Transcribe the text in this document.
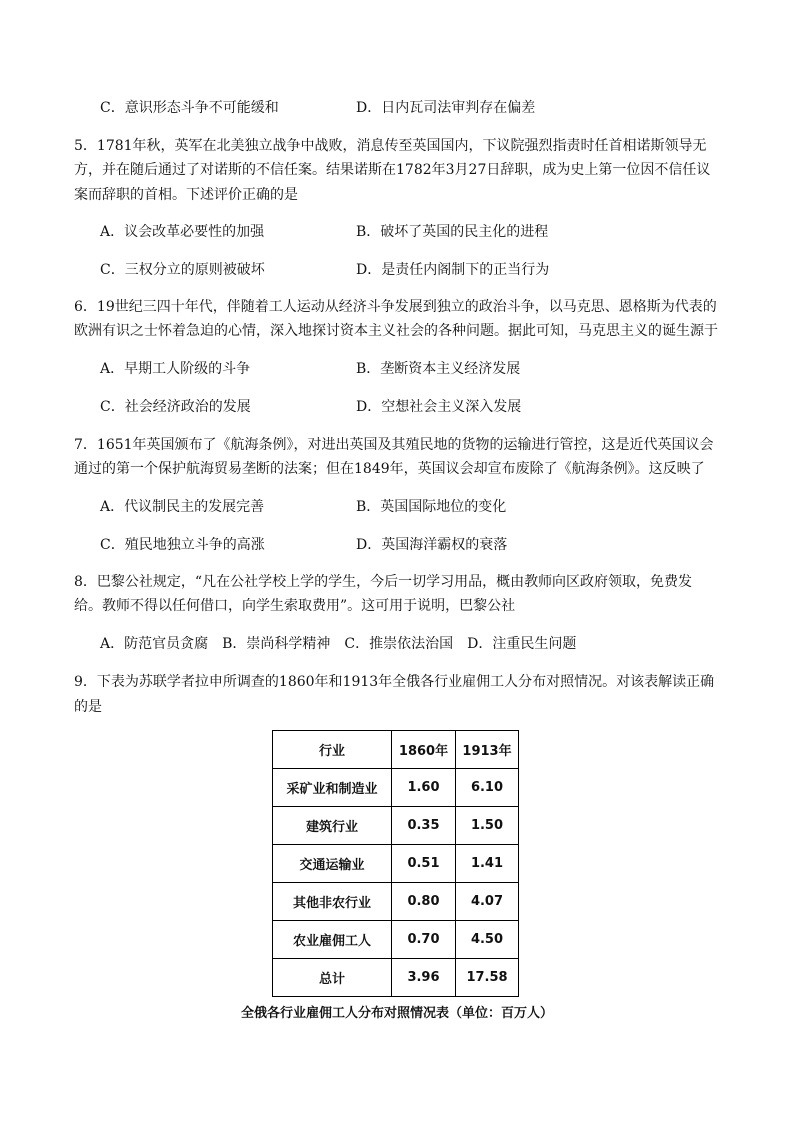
C．意识形态斗争不可能缓和	D．日内瓦司法审判存在偏差
5．1781年秋，英军在北美独立战争中战败，消息传至英国国内，下议院强烈指责时任首相诺斯领导无
方，并在随后通过了对诺斯的不信任案。结果诺斯在1782年3月27日辞职，成为史上第一位因不信任议
案而辞职的首相。下述评价正确的是
A．议会改革必要性的加强	B．破坏了英国的民主化的进程
C．三权分立的原则被破坏	D．是责任内阁制下的正当行为
6．19世纪三四十年代，伴随着工人运动从经济斗争发展到独立的政治斗争，以马克思、恩格斯为代表的
欧洲有识之士怀着急迫的心情，深入地探讨资本主义社会的各种问题。据此可知，马克思主义的诞生源于
A．早期工人阶级的斗争	B．垄断资本主义经济发展
C．社会经济政治的发展	D．空想社会主义深入发展
7．1651年英国颁布了《航海条例》，对进出英国及其殖民地的货物的运输进行管控，这是近代英国议会
通过的第一个保护航海贸易垄断的法案；但在1849年，英国议会却宣布废除了《航海条例》。这反映了
A．代议制民主的发展完善	B．英国国际地位的变化
C．殖民地独立斗争的高涨	D．英国海洋霸权的衰落
8．巴黎公社规定，“凡在公社学校上学的学生，今后一切学习用品，概由教师向区政府领取，免费发
给。教师不得以任何借口，向学生索取费用”。这可用于说明，巴黎公社
A．防范官员贪腐　B．崇尚科学精神　C．推崇依法治国　D．注重民生问题
9．下表为苏联学者拉申所调查的1860年和1913年全俄各行业雇佣工人分布对照情况。对该表解读正确
的是
行业	1860年	1913年
采矿业和制造业	1.60	6.10
建筑行业	0.35	1.50
交通运输业	0.51	1.41
其他非农行业	0.80	4.07
农业雇佣工人	0.70	4.50
总计	3.96	17.58
全俄各行业雇佣工人分布对照情况表（单位：百万人）
